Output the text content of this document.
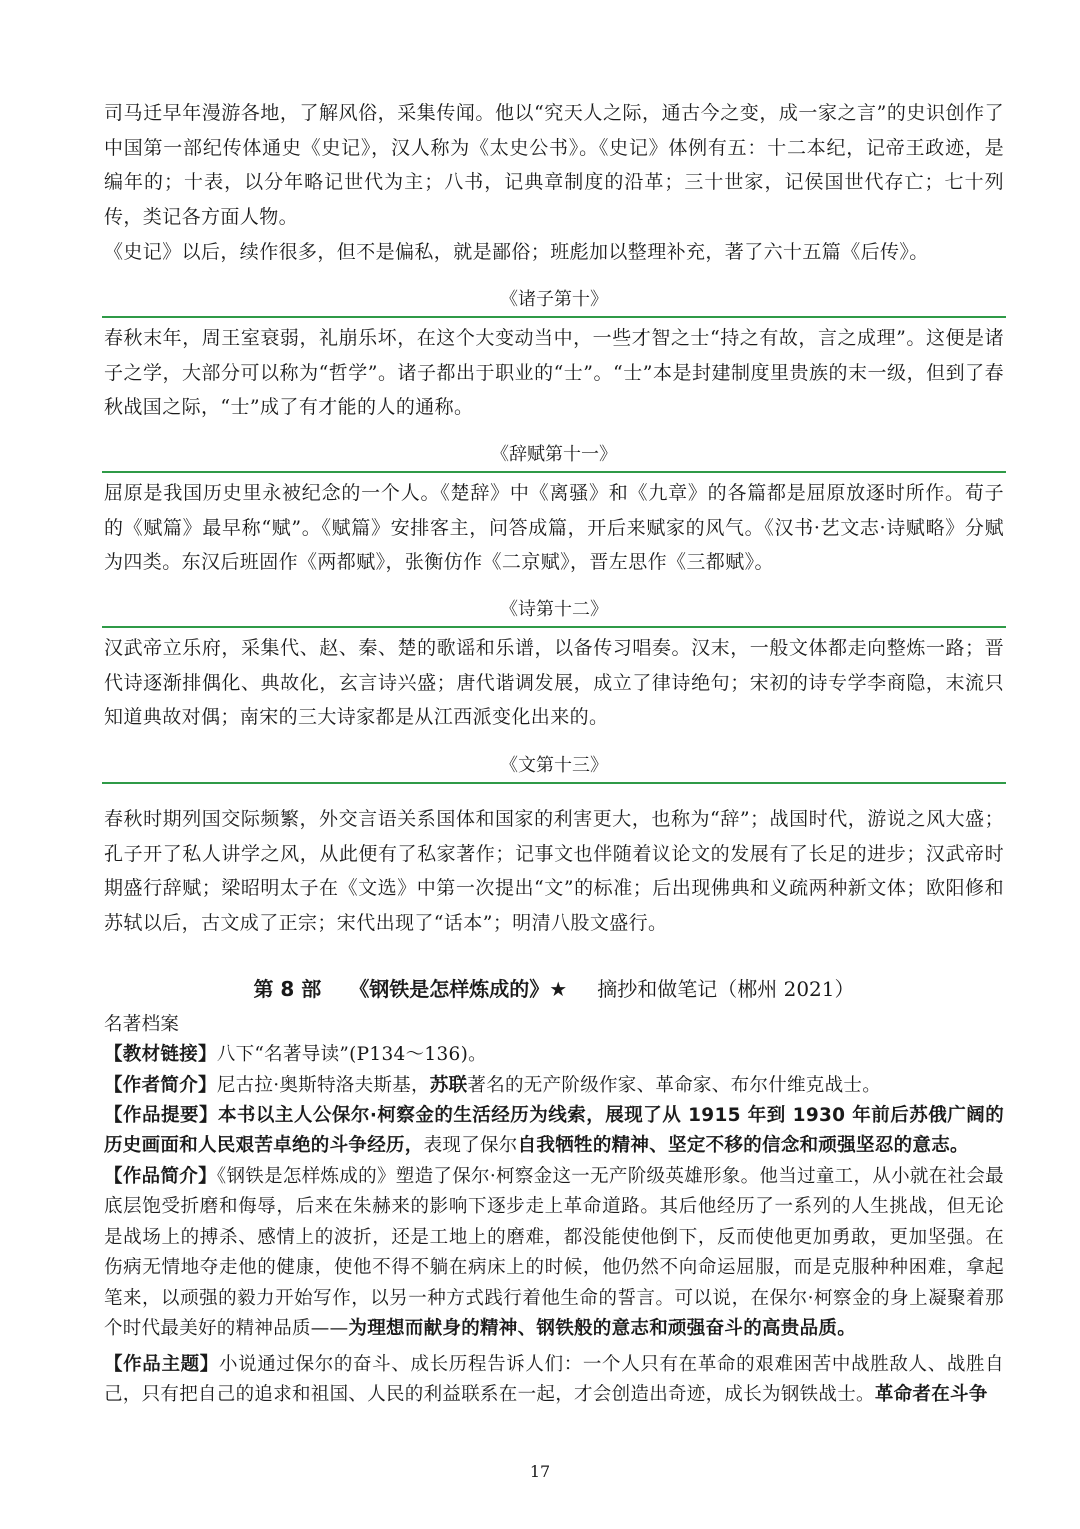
司马迁早年漫游各地，了解风俗，采集传闻。他以“究天人之际，通古今之变，成一家之言”的史识创作了中国第一部纪传体通史《史记》，汉人称为《太史公书》。《史记》体例有五：十二本纪，记帝王政迹，是编年的；十表，以分年略记世代为主；八书，记典章制度的沿革；三十世家，记侯国世代存亡；七十列传，类记各方面人物。

《史记》以后，续作很多，但不是偏私，就是鄙俗；班彪加以整理补充，著了六十五篇《后传》。

《诸子第十》

春秋末年，周王室衰弱，礼崩乐坏，在这个大变动当中，一些才智之士“持之有故，言之成理”。这便是诸子之学，大部分可以称为“哲学”。诸子都出于职业的“士”。“士”本是封建制度里贵族的末一级，但到了春秋战国之际，“士”成了有才能的人的通称。

《辞赋第十一》

屈原是我国历史里永被纪念的一个人。《楚辞》中《离骚》和《九章》的各篇都是屈原放逐时所作。荀子的《赋篇》最早称“赋”。《赋篇》安排客主，问答成篇，开后来赋家的风气。《汉书·艺文志·诗赋略》分赋为四类。东汉后班固作《两都赋》，张衡仿作《二京赋》，晋左思作《三都赋》。

《诗第十二》

汉武帝立乐府，采集代、赵、秦、楚的歌谣和乐谱，以备传习唱奏。汉末，一般文体都走向整炼一路；晋代诗逐渐排偶化、典故化，玄言诗兴盛；唐代谐调发展，成立了律诗绝句；宋初的诗专学李商隐，末流只知道典故对偶；南宋的三大诗家都是从江西派变化出来的。

《文第十三》

春秋时期列国交际频繁，外交言语关系国体和国家的利害更大，也称为“辞”；战国时代，游说之风大盛；孔子开了私人讲学之风，从此便有了私家著作；记事文也伴随着议论文的发展有了长足的进步；汉武帝时期盛行辞赋；梁昭明太子在《文选》中第一次提出“文”的标准；后出现佛典和义疏两种新文体；欧阳修和苏轼以后，古文成了正宗；宋代出现了“话本”；明清八股文盛行。

第 8 部 《钢铁是怎样炼成的》★ 摘抄和做笔记（郴州 2021）

名著档案

【教材链接】八下“名著导读”(P134～136)。

【作者简介】尼古拉·奥斯特洛夫斯基，苏联著名的无产阶级作家、革命家、布尔什维克战士。

【作品提要】本书以主人公保尔·柯察金的生活经历为线索，展现了从 1915 年到 1930 年前后苏俄广阔的历史画面和人民艰苦卓绝的斗争经历，表现了保尔自我牺牲的精神、坚定不移的信念和顽强坚忍的意志。

【作品简介】《钢铁是怎样炼成的》塑造了保尔·柯察金这一无产阶级英雄形象。他当过童工，从小就在社会最底层饱受折磨和侮辱，后来在朱赫来的影响下逐步走上革命道路。其后他经历了一系列的人生挑战，但无论是战场上的搏杀、感情上的波折，还是工地上的磨难，都没能使他倒下，反而使他更加勇敢，更加坚强。在伤病无情地夺走他的健康，使他不得不躺在病床上的时候，他仍然不向命运屈服，而是克服种种困难，拿起笔来，以顽强的毅力开始写作，以另一种方式践行着他生命的誓言。可以说，在保尔·柯察金的身上凝聚着那个时代最美好的精神品质——为理想而献身的精神、钢铁般的意志和顽强奋斗的高贵品质。

【作品主题】小说通过保尔的奋斗、成长历程告诉人们：一个人只有在革命的艰难困苦中战胜敌人、战胜自己，只有把自己的追求和祖国、人民的利益联系在一起，才会创造出奇迹，成长为钢铁战士。革命者在斗争

17
